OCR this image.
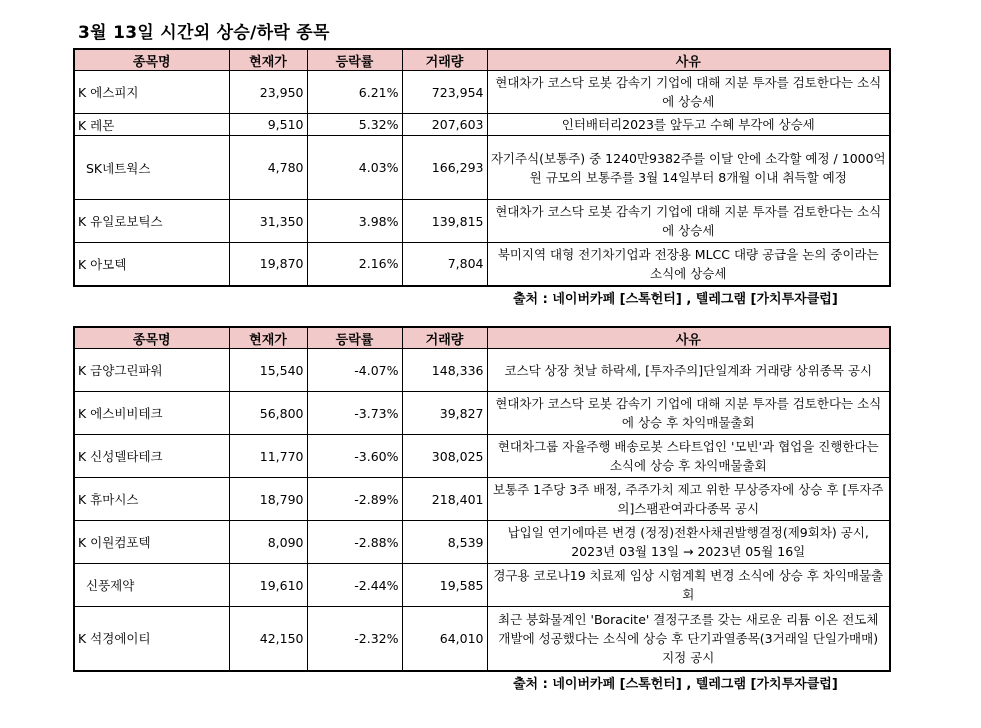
3월 13일 시간외 상승/하락 종목
종목명	현재가	등락률	거래량	사유
K 에스피지	23,950	6.21%	723,954	현대차가 코스닥 로봇 감속기 기업에 대해 지분 투자를 검토한다는 소식에 상승세
K 레몬	9,510	5.32%	207,603	인터배터리2023를 앞두고 수혜 부각에 상승세
SK네트웍스	4,780	4.03%	166,293	자기주식(보통주) 중 1240만9382주를 이달 안에 소각할 예정 / 1000억원 규모의 보통주를 3월 14일부터 8개월 이내 취득할 예정
K 유일로보틱스	31,350	3.98%	139,815	현대차가 코스닥 로봇 감속기 기업에 대해 지분 투자를 검토한다는 소식에 상승세
K 아모텍	19,870	2.16%	7,804	북미지역 대형 전기차기업과 전장용 MLCC 대량 공급을 논의 중이라는 소식에 상승세
출처 : 네이버카페 [스톡헌터] , 텔레그램 [가치투자클럽]
종목명	현재가	등락률	거래량	사유
K 금양그린파워	15,540	-4.07%	148,336	코스닥 상장 첫날 하락세, [투자주의]단일계좌 거래량 상위종목 공시
K 에스비비테크	56,800	-3.73%	39,827	현대차가 코스닥 로봇 감속기 기업에 대해 지분 투자를 검토한다는 소식에 상승 후 차익매물출회
K 신성델타테크	11,770	-3.60%	308,025	현대차그룹 자율주행 배송로봇 스타트업인 '모빈'과 협업을 진행한다는 소식에 상승 후 차익매물출회
K 휴마시스	18,790	-2.89%	218,401	보통주 1주당 3주 배정, 주주가치 제고 위한 무상증자에 상승 후 [투자주의]스팸관여과다종목 공시
K 이원컴포텍	8,090	-2.88%	8,539	납입일 연기에따른 변경 (정정)전환사채권발행결정(제9회차) 공시, 2023년 03월 13일 → 2023년 05월 16일
신풍제약	19,610	-2.44%	19,585	경구용 코로나19 치료제 임상 시험계획 변경 소식에 상승 후 차익매물출회
K 석경에이티	42,150	-2.32%	64,010	최근 붕화물계인 'Boracite' 결정구조를 갖는 새로운 리튬 이온 전도체 개발에 성공했다는 소식에 상승 후 단기과열종목(3거래일 단일가매매) 지정 공시
출처 : 네이버카페 [스톡헌터] , 텔레그램 [가치투자클럽]
